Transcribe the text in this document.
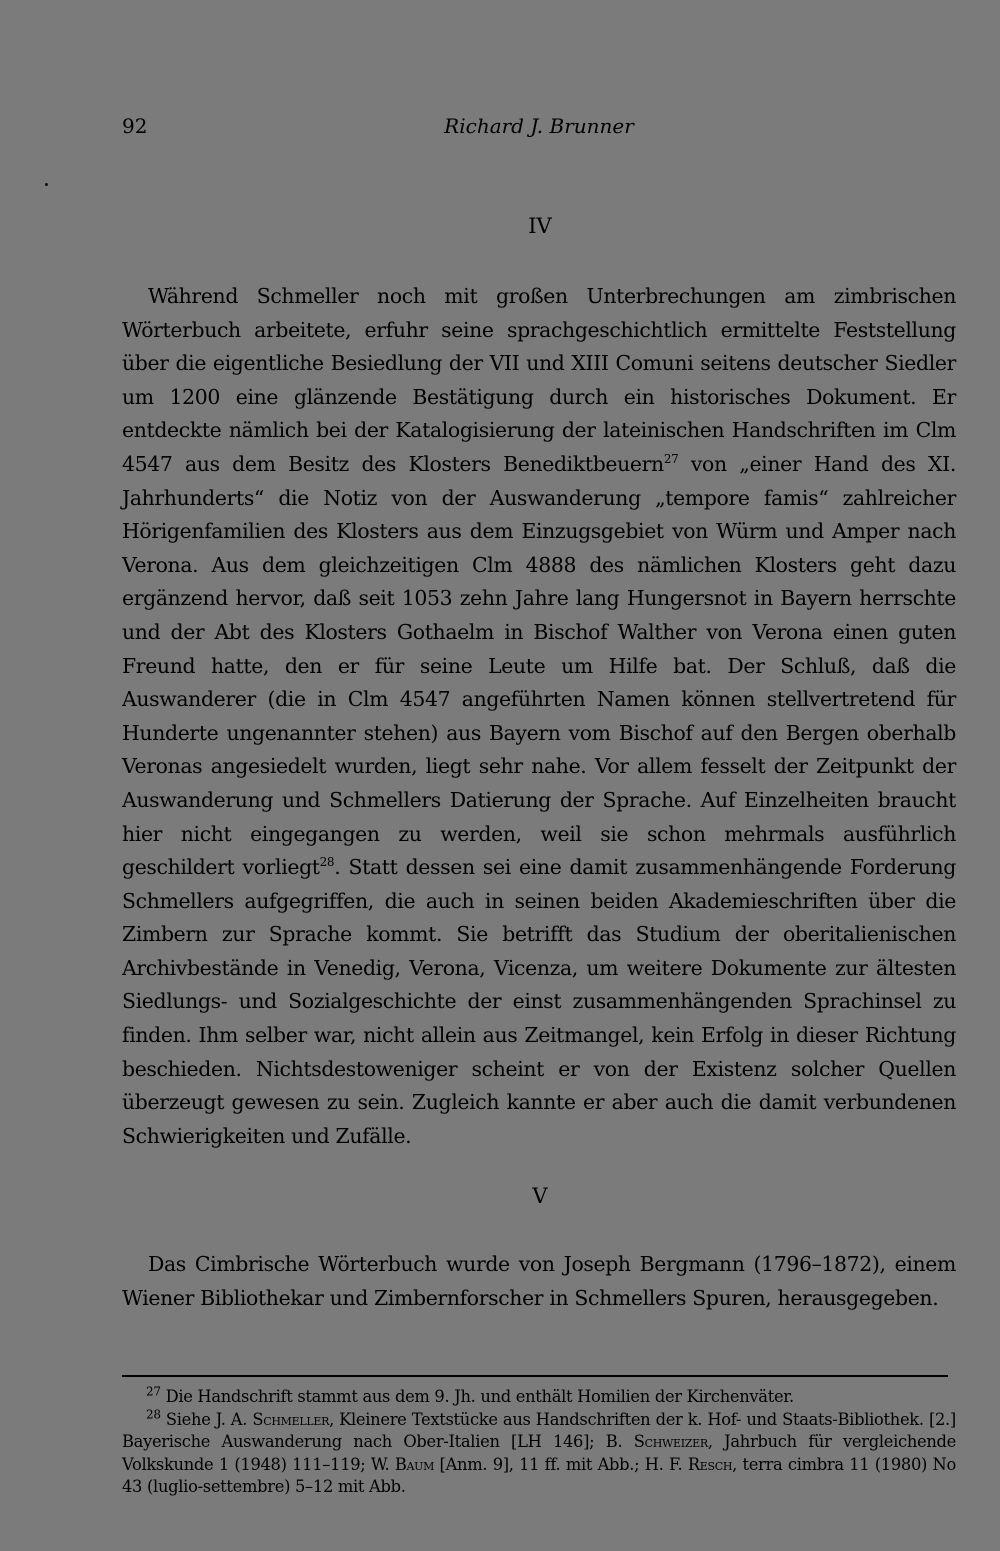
92	Richard J. Brunner
IV

Während Schmeller noch mit großen Unterbrechungen am zimbrischen Wörterbuch arbeitete, erfuhr seine sprachgeschichtlich ermittelte Feststellung über die eigentliche Besiedlung der VII und XIII Comuni seitens deutscher Siedler um 1200 eine glänzende Bestätigung durch ein historisches Dokument. Er entdeckte nämlich bei der Katalogisierung der lateinischen Handschriften im Clm 4547 aus dem Besitz des Klosters Benediktbeuern$^{27}$ von „einer Hand des XI. Jahrhunderts“ die Notiz von der Auswanderung „tempore famis“ zahlreicher Hörigenfamilien des Klosters aus dem Einzugsgebiet von Würm und Amper nach Verona. Aus dem gleichzeitigen Clm 4888 des nämlichen Klosters geht dazu ergänzend hervor, daß seit 1053 zehn Jahre lang Hungersnot in Bayern herrschte und der Abt des Klosters Gothaelm in Bischof Walther von Verona einen guten Freund hatte, den er für seine Leute um Hilfe bat. Der Schluß, daß die Auswanderer (die in Clm 4547 angeführten Namen können stellvertretend für Hunderte ungenannter stehen) aus Bayern vom Bischof auf den Bergen oberhalb Veronas angesiedelt wurden, liegt sehr nahe. Vor allem fesselt der Zeitpunkt der Auswanderung und Schmellers Datierung der Sprache. Auf Einzelheiten braucht hier nicht eingegangen zu werden, weil sie schon mehrmals ausführlich geschildert vorliegt$^{28}$. Statt dessen sei eine damit zusammenhängende Forderung Schmellers aufgegriffen, die auch in seinen beiden Akademieschriften über die Zimbern zur Sprache kommt. Sie betrifft das Studium der oberitalienischen Archivbestände in Venedig, Verona, Vicenza, um weitere Dokumente zur ältesten Siedlungs- und Sozialgeschichte der einst zusammenhängenden Sprachinsel zu finden. Ihm selber war, nicht allein aus Zeitmangel, kein Erfolg in dieser Richtung beschieden. Nichtsdestoweniger scheint er von der Existenz solcher Quellen überzeugt gewesen zu sein. Zugleich kannte er aber auch die damit verbundenen Schwierigkeiten und Zufälle.

V

Das Cimbrische Wörterbuch wurde von Joseph Bergmann (1796–1872), einem Wiener Bibliothekar und Zimbernforscher in Schmellers Spuren, herausgegeben.

$^{27}$ Die Handschrift stammt aus dem 9. Jh. und enthält Homilien der Kirchenväter.

$^{28}$ Siehe J. A. Schmeller, Kleinere Textstücke aus Handschriften der k. Hof- und Staats-Bibliothek. [2.] Bayerische Auswanderung nach Ober-Italien [LH 146]; B. Schweizer, Jahrbuch für vergleichende Volkskunde 1 (1948) 111–119; W. Baum [Anm. 9], 11 ff. mit Abb.; H. F. Resch, terra cimbra 11 (1980) No 43 (luglio-settembre) 5–12 mit Abb.
